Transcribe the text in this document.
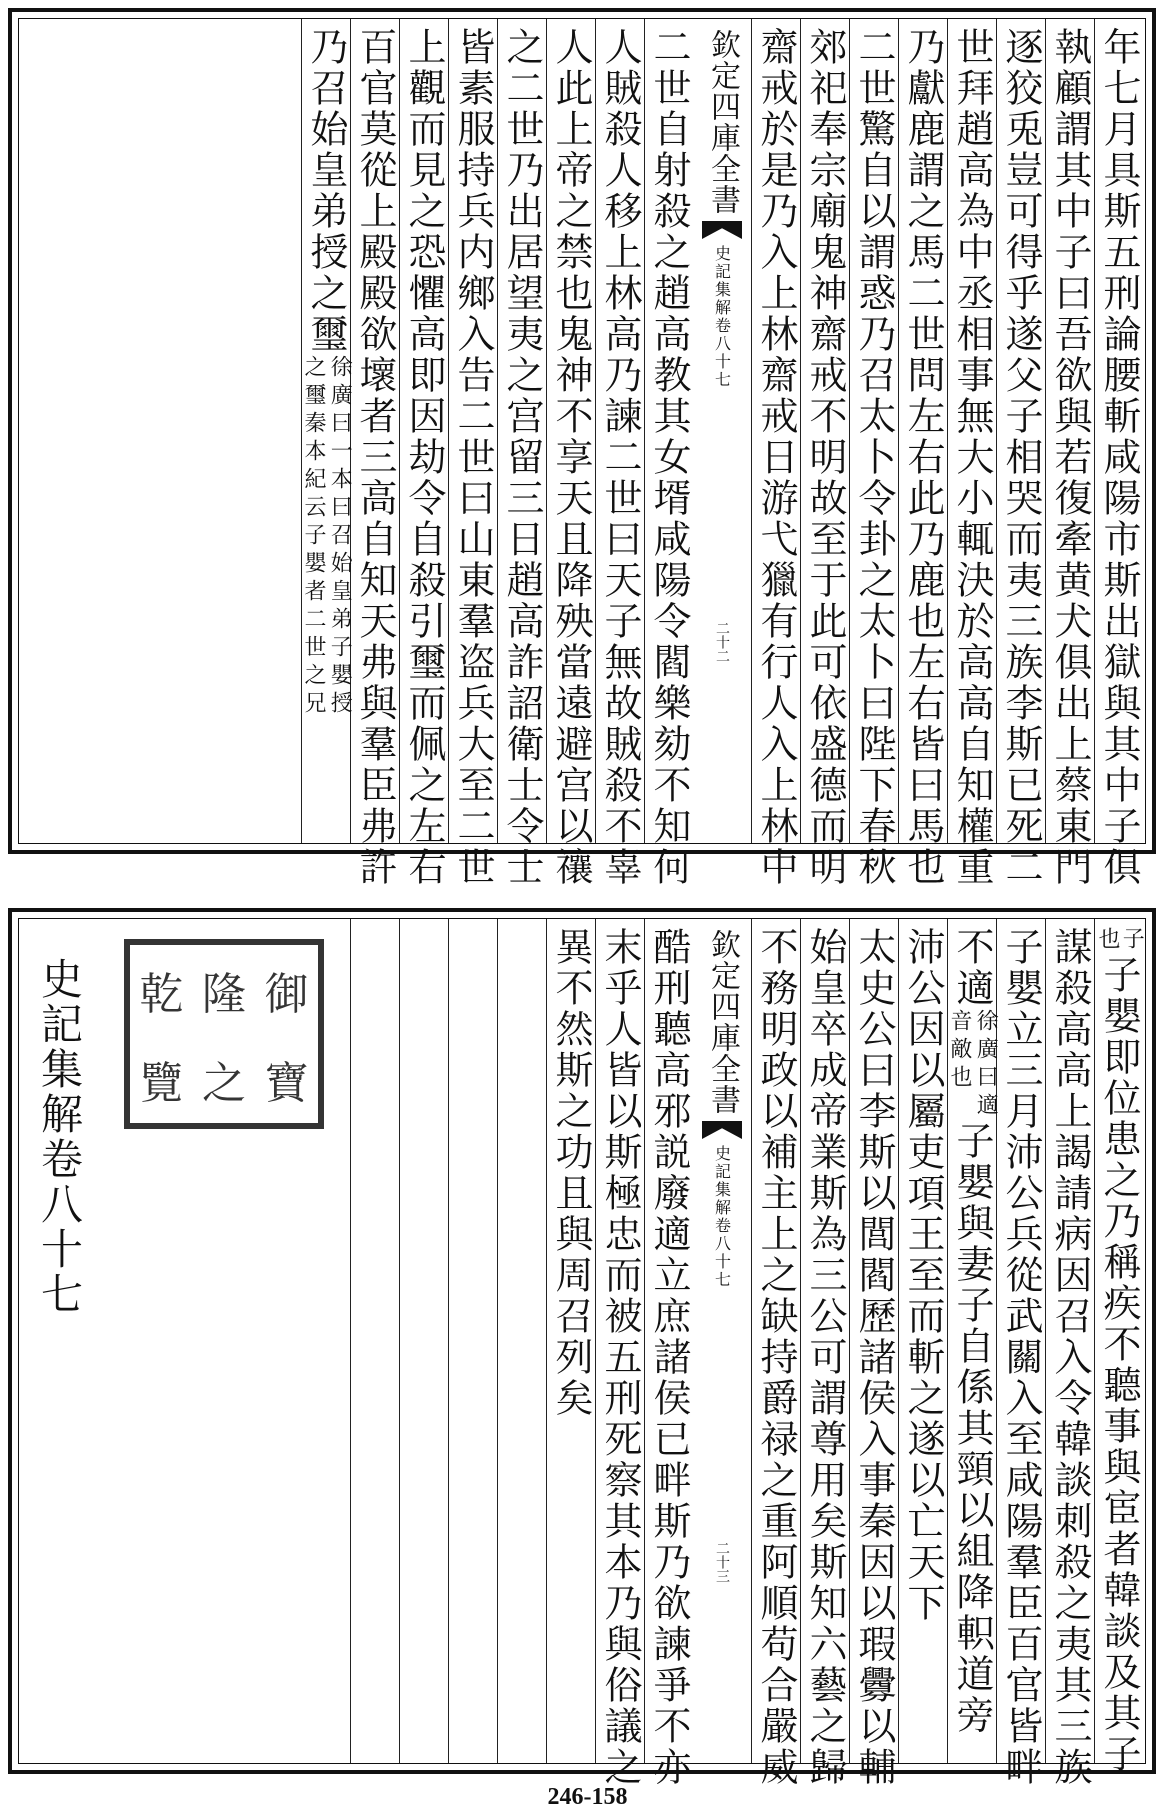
年七月具斯五刑論腰斬咸陽市斯出獄與其中子俱
執顧謂其中子曰吾欲與若復牽黄犬俱出上蔡東門
逐狡兎豈可得乎遂父子相哭而夷三族李斯已死二
世拜趙高為中丞相事無大小輒決於高高自知權重
乃獻鹿謂之馬二世問左右此乃鹿也左右皆曰馬也
二世驚自以謂惑乃召太卜令卦之太卜曰陛下春秋
郊祀奉宗廟鬼神齋戒不明故至于此可依盛德而明
齋戒於是乃入上林齋戒日游弋獵有行人入上林中
欽定四庫全書
史記集解
卷八十七
二十二
二世自射殺之趙高教其女壻咸陽令閻樂劾不知何
人賊殺人移上林高乃諫二世曰天子無故賊殺不辜
人此上帝之禁也鬼神不享天且降殃當遠避宫以禳
之二世乃出居望夷之宫留三日趙高詐詔衛士令士
皆素服持兵内鄉入告二世曰山東羣盗兵大至二世
上觀而見之恐懼高即因劫令自殺引璽而佩之左右
百官莫從上殿殿欲壞者三高自知天弗與羣臣弗許
乃召始皇弟授之璽
徐廣曰一本曰召始皇弟子嬰授
之璽秦本紀云子嬰者二世之兄
子也
子嬰即位患之乃稱疾不聽事與宦者韓談及其子
謀殺高高上謁請病因召入令韓談刺殺之夷其三族
子嬰立三月沛公兵從武關入至咸陽羣臣百官皆畔
不適
徐廣曰適
音敵也
子嬰與妻子自係其頸以組降軹道旁
沛公因以屬吏項王至而斬之遂以亡天下
太史公曰李斯以閭閻歷諸侯入事秦因以瑕釁以輔
始皇卒成帝業斯為三公可謂尊用矣斯知六藝之歸
不務明政以補主上之缺持爵禄之重阿順苟合嚴威
欽定四庫全書
史記集解
卷八十七
二十三
酷刑聽高邪説廢適立庶諸侯已畔斯乃欲諫爭不亦
末乎人皆以斯極忠而被五刑死察其本乃與俗議之
異不然斯之功且與周召列矣
乾 隆 御
覽 之 寶
史記集解卷八十七
246-158
